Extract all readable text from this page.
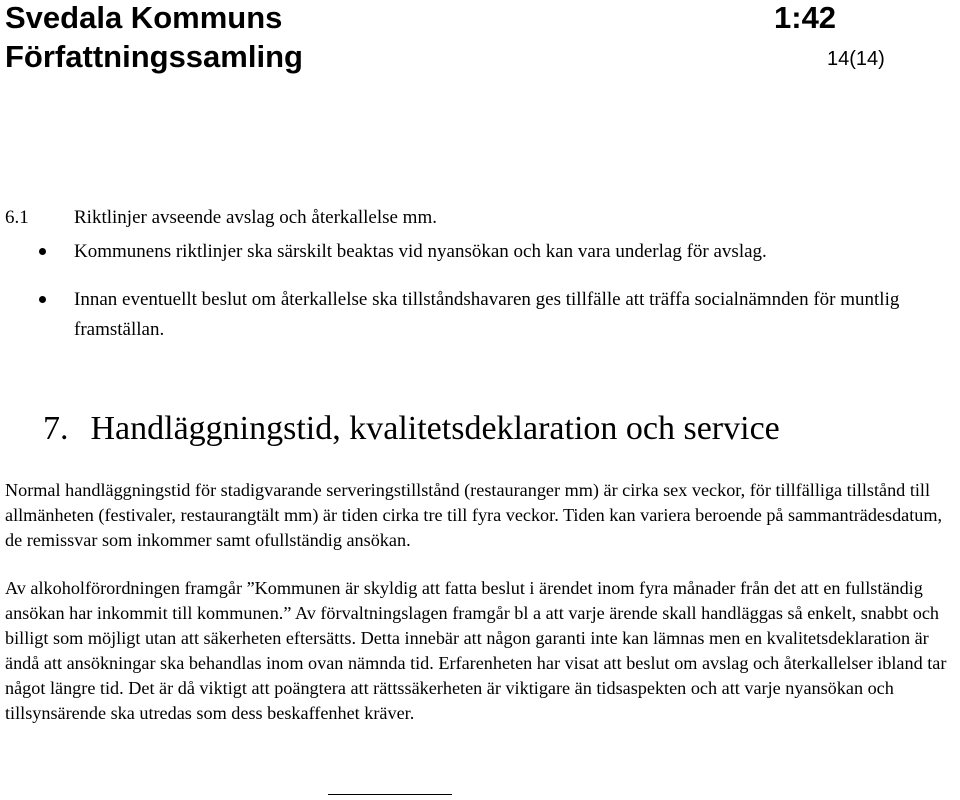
Svedala Kommuns	1:42
Författningssamling	14(14)
6.1 Riktlinjer avseende avslag och återkallelse mm.
Kommunens riktlinjer ska särskilt beaktas vid nyansökan och kan vara underlag för avslag.
Innan eventuellt beslut om återkallelse ska tillståndshavaren ges tillfälle att träffa socialnämnden för muntlig framställan.
7. Handläggningstid, kvalitetsdeklaration och service

Normal handläggningstid för stadigvarande serveringstillstånd (restauranger mm) är cirka sex veckor, för tillfälliga tillstånd till allmänheten (festivaler, restaurangtält mm) är tiden cirka tre till fyra veckor. Tiden kan variera beroende på sammanträdesdatum, de remissvar som inkommer samt ofullständig ansökan.

Av alkoholförordningen framgår ”Kommunen är skyldig att fatta beslut i ärendet inom fyra månader från det att en fullständig ansökan har inkommit till kommunen.” Av förvaltningslagen framgår bl a att varje ärende skall handläggas så enkelt, snabbt och billigt som möjligt utan att säkerheten eftersätts. Detta innebär att någon garanti inte kan lämnas men en kvalitetsdeklaration är ändå att ansökningar ska behandlas inom ovan nämnda tid. Erfarenheten har visat att beslut om avslag och återkallelser ibland tar något längre tid. Det är då viktigt att poängtera att rättssäkerheten är viktigare än tidsaspekten och att varje nyansökan och tillsynsärende ska utredas som dess beskaffenhet kräver.
